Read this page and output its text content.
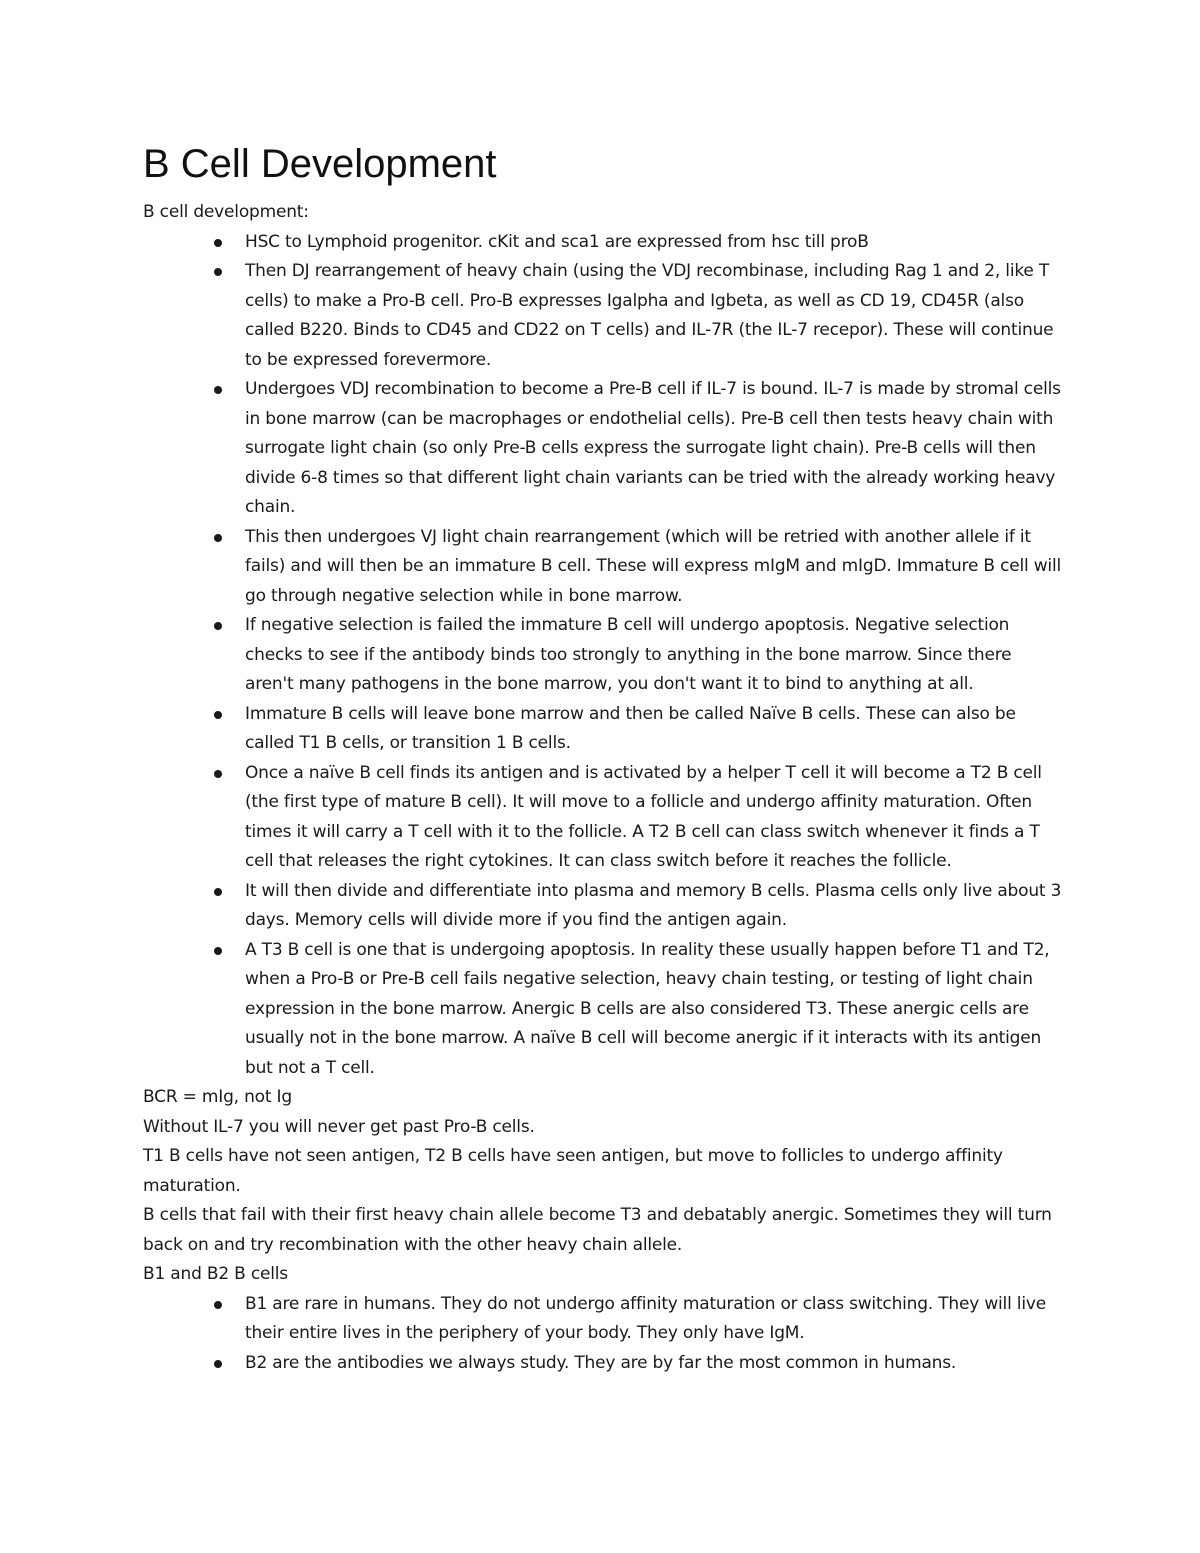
B Cell Development

B cell development:

HSC to Lymphoid progenitor. cKit and sca1 are expressed from hsc till proB
Then DJ rearrangement of heavy chain (using the VDJ recombinase, including Rag 1 and 2, like T cells) to make a Pro-B cell. Pro-B expresses Igalpha and Igbeta, as well as CD 19, CD45R (also called B220. Binds to CD45 and CD22 on T cells) and IL-7R (the IL-7 recepor). These will continue to be expressed forevermore.
Undergoes VDJ recombination to become a Pre-B cell if IL-7 is bound. IL-7 is made by stromal cells in bone marrow (can be macrophages or endothelial cells). Pre-B cell then tests heavy chain with surrogate light chain (so only Pre-B cells express the surrogate light chain). Pre-B cells will then divide 6-8 times so that different light chain variants can be tried with the already working heavy chain.
This then undergoes VJ light chain rearrangement (which will be retried with another allele if it fails) and will then be an immature B cell. These will express mIgM and mIgD. Immature B cell will go through negative selection while in bone marrow.
If negative selection is failed the immature B cell will undergo apoptosis. Negative selection checks to see if the antibody binds too strongly to anything in the bone marrow. Since there aren't many pathogens in the bone marrow, you don't want it to bind to anything at all.
Immature B cells will leave bone marrow and then be called Naïve B cells. These can also be called T1 B cells, or transition 1 B cells.
Once a naïve B cell finds its antigen and is activated by a helper T cell it will become a T2 B cell (the first type of mature B cell). It will move to a follicle and undergo affinity maturation. Often times it will carry a T cell with it to the follicle. A T2 B cell can class switch whenever it finds a T cell that releases the right cytokines. It can class switch before it reaches the follicle.
It will then divide and differentiate into plasma and memory B cells. Plasma cells only live about 3 days. Memory cells will divide more if you find the antigen again.
A T3 B cell is one that is undergoing apoptosis. In reality these usually happen before T1 and T2, when a Pro-B or Pre-B cell fails negative selection, heavy chain testing, or testing of light chain expression in the bone marrow. Anergic B cells are also considered T3. These anergic cells are usually not in the bone marrow. A naïve B cell will become anergic if it interacts with its antigen but not a T cell.

BCR = mIg, not Ig

Without IL-7 you will never get past Pro-B cells.

T1 B cells have not seen antigen, T2 B cells have seen antigen, but move to follicles to undergo affinity maturation.

B cells that fail with their first heavy chain allele become T3 and debatably anergic. Sometimes they will turn back on and try recombination with the other heavy chain allele.

B1 and B2 B cells

B1 are rare in humans. They do not undergo affinity maturation or class switching. They will live their entire lives in the periphery of your body. They only have IgM.
B2 are the antibodies we always study. They are by far the most common in humans.
